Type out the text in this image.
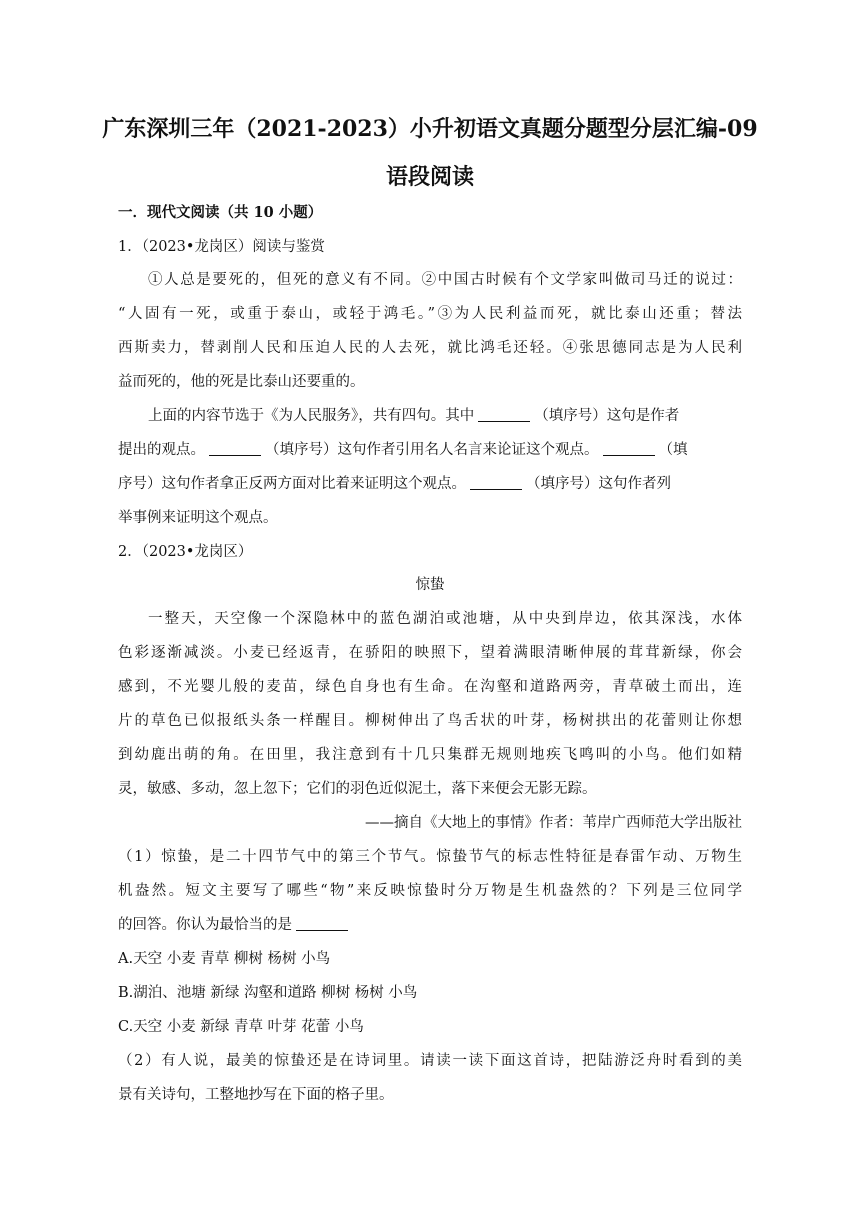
广东深圳三年（2021-2023）小升初语文真题分题型分层汇编-09
语段阅读
一．现代文阅读（共 10 小题）
1．（2023•龙岗区）阅读与鉴赏
①人总是要死的，但死的意义有不同。②中国古时候有个文学家叫做司马迁的说过：
“人固有一死，或重于泰山，或轻于鸿毛。”③为人民利益而死，就比泰山还重；替法
西斯卖力，替剥削人民和压迫人民的人去死，就比鸿毛还轻。④张思德同志是为人民利
益而死的，他的死是比泰山还要重的。
上面的内容节选于《为人民服务》，共有四句。其中	（填序号）这句是作者
提出的观点。	（填序号）这句作者引用名人名言来论证这个观点。	（填
序号）这句作者拿正反两方面对比着来证明这个观点。	（填序号）这句作者列
举事例来证明这个观点。
2．（2023•龙岗区）
惊蛰
一整天，天空像一个深隐林中的蓝色湖泊或池塘，从中央到岸边，依其深浅，水体
色彩逐渐减淡。小麦已经返青，在骄阳的映照下，望着满眼清晰伸展的茸茸新绿，你会
感到，不光婴儿般的麦苗，绿色自身也有生命。在沟壑和道路两旁，青草破土而出，连
片的草色已似报纸头条一样醒目。柳树伸出了鸟舌状的叶芽，杨树拱出的花蕾则让你想
到幼鹿出萌的角。在田里，我注意到有十几只集群无规则地疾飞鸣叫的小鸟。他们如精
灵，敏感、多动，忽上忽下；它们的羽色近似泥土，落下来便会无影无踪。
——摘自《大地上的事情》作者：苇岸广西师范大学出版社
（1）惊蛰，是二十四节气中的第三个节气。惊蛰节气的标志性特征是春雷乍动、万物生
机盎然。短文主要写了哪些“物”来反映惊蛰时分万物是生机盎然的？下列是三位同学
的回答。你认为最恰当的是
A.天空 小麦 青草 柳树 杨树 小鸟
B.湖泊、池塘 新绿 沟壑和道路 柳树 杨树 小鸟
C.天空 小麦 新绿 青草 叶芽 花蕾 小鸟
（2）有人说，最美的惊蛰还是在诗词里。请读一读下面这首诗，把陆游泛舟时看到的美
景有关诗句，工整地抄写在下面的格子里。
